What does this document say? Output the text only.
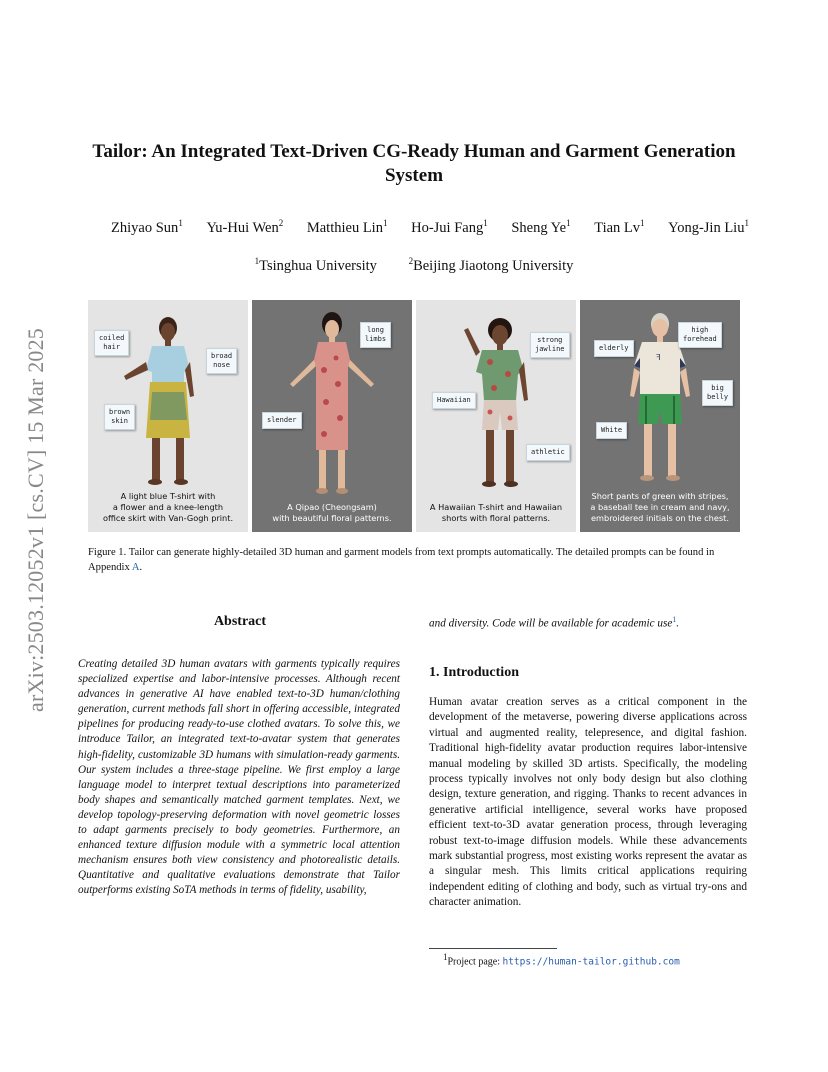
arXiv:2503.12052v1 [cs.CV] 15 Mar 2025
Tailor: An Integrated Text-Driven CG-Ready Human and Garment Generation
System
Zhiyao Sun$^1$ Yu-Hui Wen$^2$ Matthieu Lin$^1$ Ho-Jui Fang$^1$ Sheng Ye$^1$ Tian Lv$^1$ Yong-Jin Liu$^1$
$^1$Tsinghua University	$^2$Beijing Jiaotong University
coiled
hair
broad
nose
brown
skin
A light blue T-shirt with
a flower and a knee-length
office skirt with Van-Gogh print.
long
limbs
slender
A Qipao (Cheongsam)
with beautiful floral patterns.
strong
jawline
Hawaiian
athletic
A Hawaiian T-shirt and Hawaiian
shorts with floral patterns.
ꟻ
high
forehead
elderly
big
belly
White
Short pants of green with stripes,
a baseball tee in cream and navy,
embroidered initials on the chest.
Figure 1. Tailor can generate highly-detailed 3D human and garment models from text prompts automatically. The detailed prompts can be found in Appendix A.
Abstract
Creating detailed 3D human avatars with garments typically requires specialized expertise and labor-intensive processes. Although recent advances in generative AI have enabled text-to-3D human/clothing generation, current methods fall short in offering accessible, integrated pipelines for producing ready-to-use clothed avatars. To solve this, we introduce Tailor, an integrated text-to-avatar system that generates high-fidelity, customizable 3D humans with simulation-ready garments. Our system includes a three-stage pipeline. We first employ a large language model to interpret textual descriptions into parameterized body shapes and semantically matched garment templates. Next, we develop topology-preserving deformation with novel geometric losses to adapt garments precisely to body geometries. Furthermore, an enhanced texture diffusion module with a symmetric local attention mechanism ensures both view consistency and photorealistic details. Quantitative and qualitative evaluations demonstrate that Tailor outperforms existing SoTA methods in terms of fidelity, usability,
and diversity. Code will be available for academic use$^1$.
1. Introduction
Human avatar creation serves as a critical component in the development of the metaverse, powering diverse applications across virtual and augmented reality, telepresence, and digital fashion. Traditional high-fidelity avatar production requires labor-intensive manual modeling by skilled 3D artists. Specifically, the modeling process typically involves not only body design but also clothing design, texture generation, and rigging. Thanks to recent advances in generative artificial intelligence, several works have proposed efficient text-to-3D avatar generation process, through leveraging robust text-to-image diffusion models. While these advancements mark substantial progress, most existing works represent the avatar as a singular mesh. This limits critical applications requiring independent editing of clothing and body, such as virtual try-ons and character animation.
$^1$Project page: https://human-tailor.github.com
